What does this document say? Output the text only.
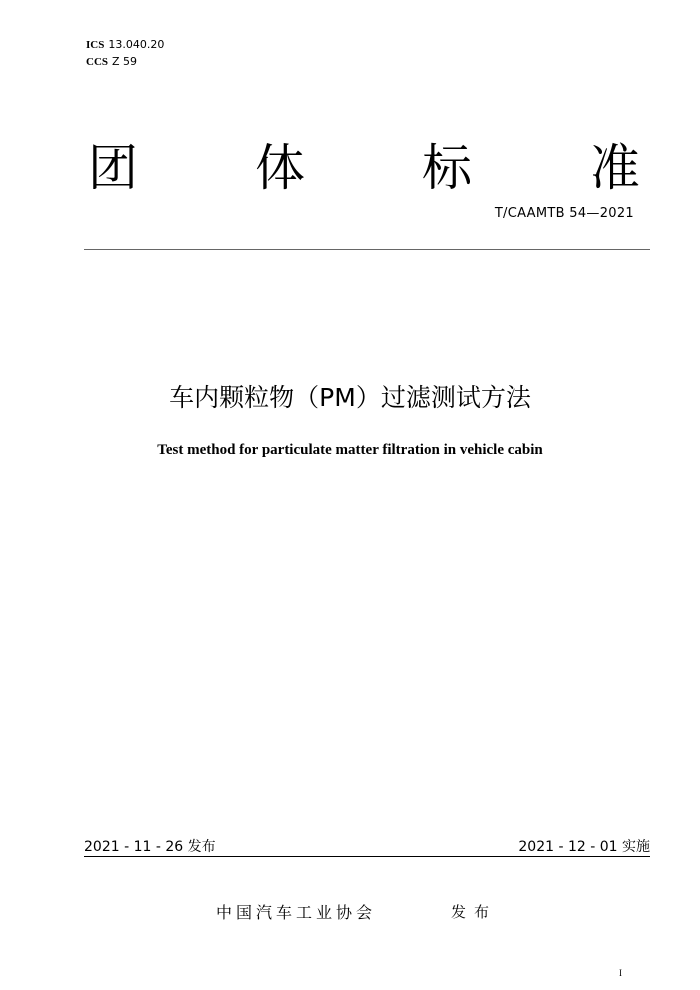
ICS 13.040.20
CCS Z 59
团 体 标 准
T/CAAMTB 54—2021
车内颗粒物（PM）过滤测试方法
Test method for particulate matter filtration in vehicle cabin
2021 - 11 - 26 发布	2021 - 12 - 01 实施
中国汽车工业协会	发布
I
